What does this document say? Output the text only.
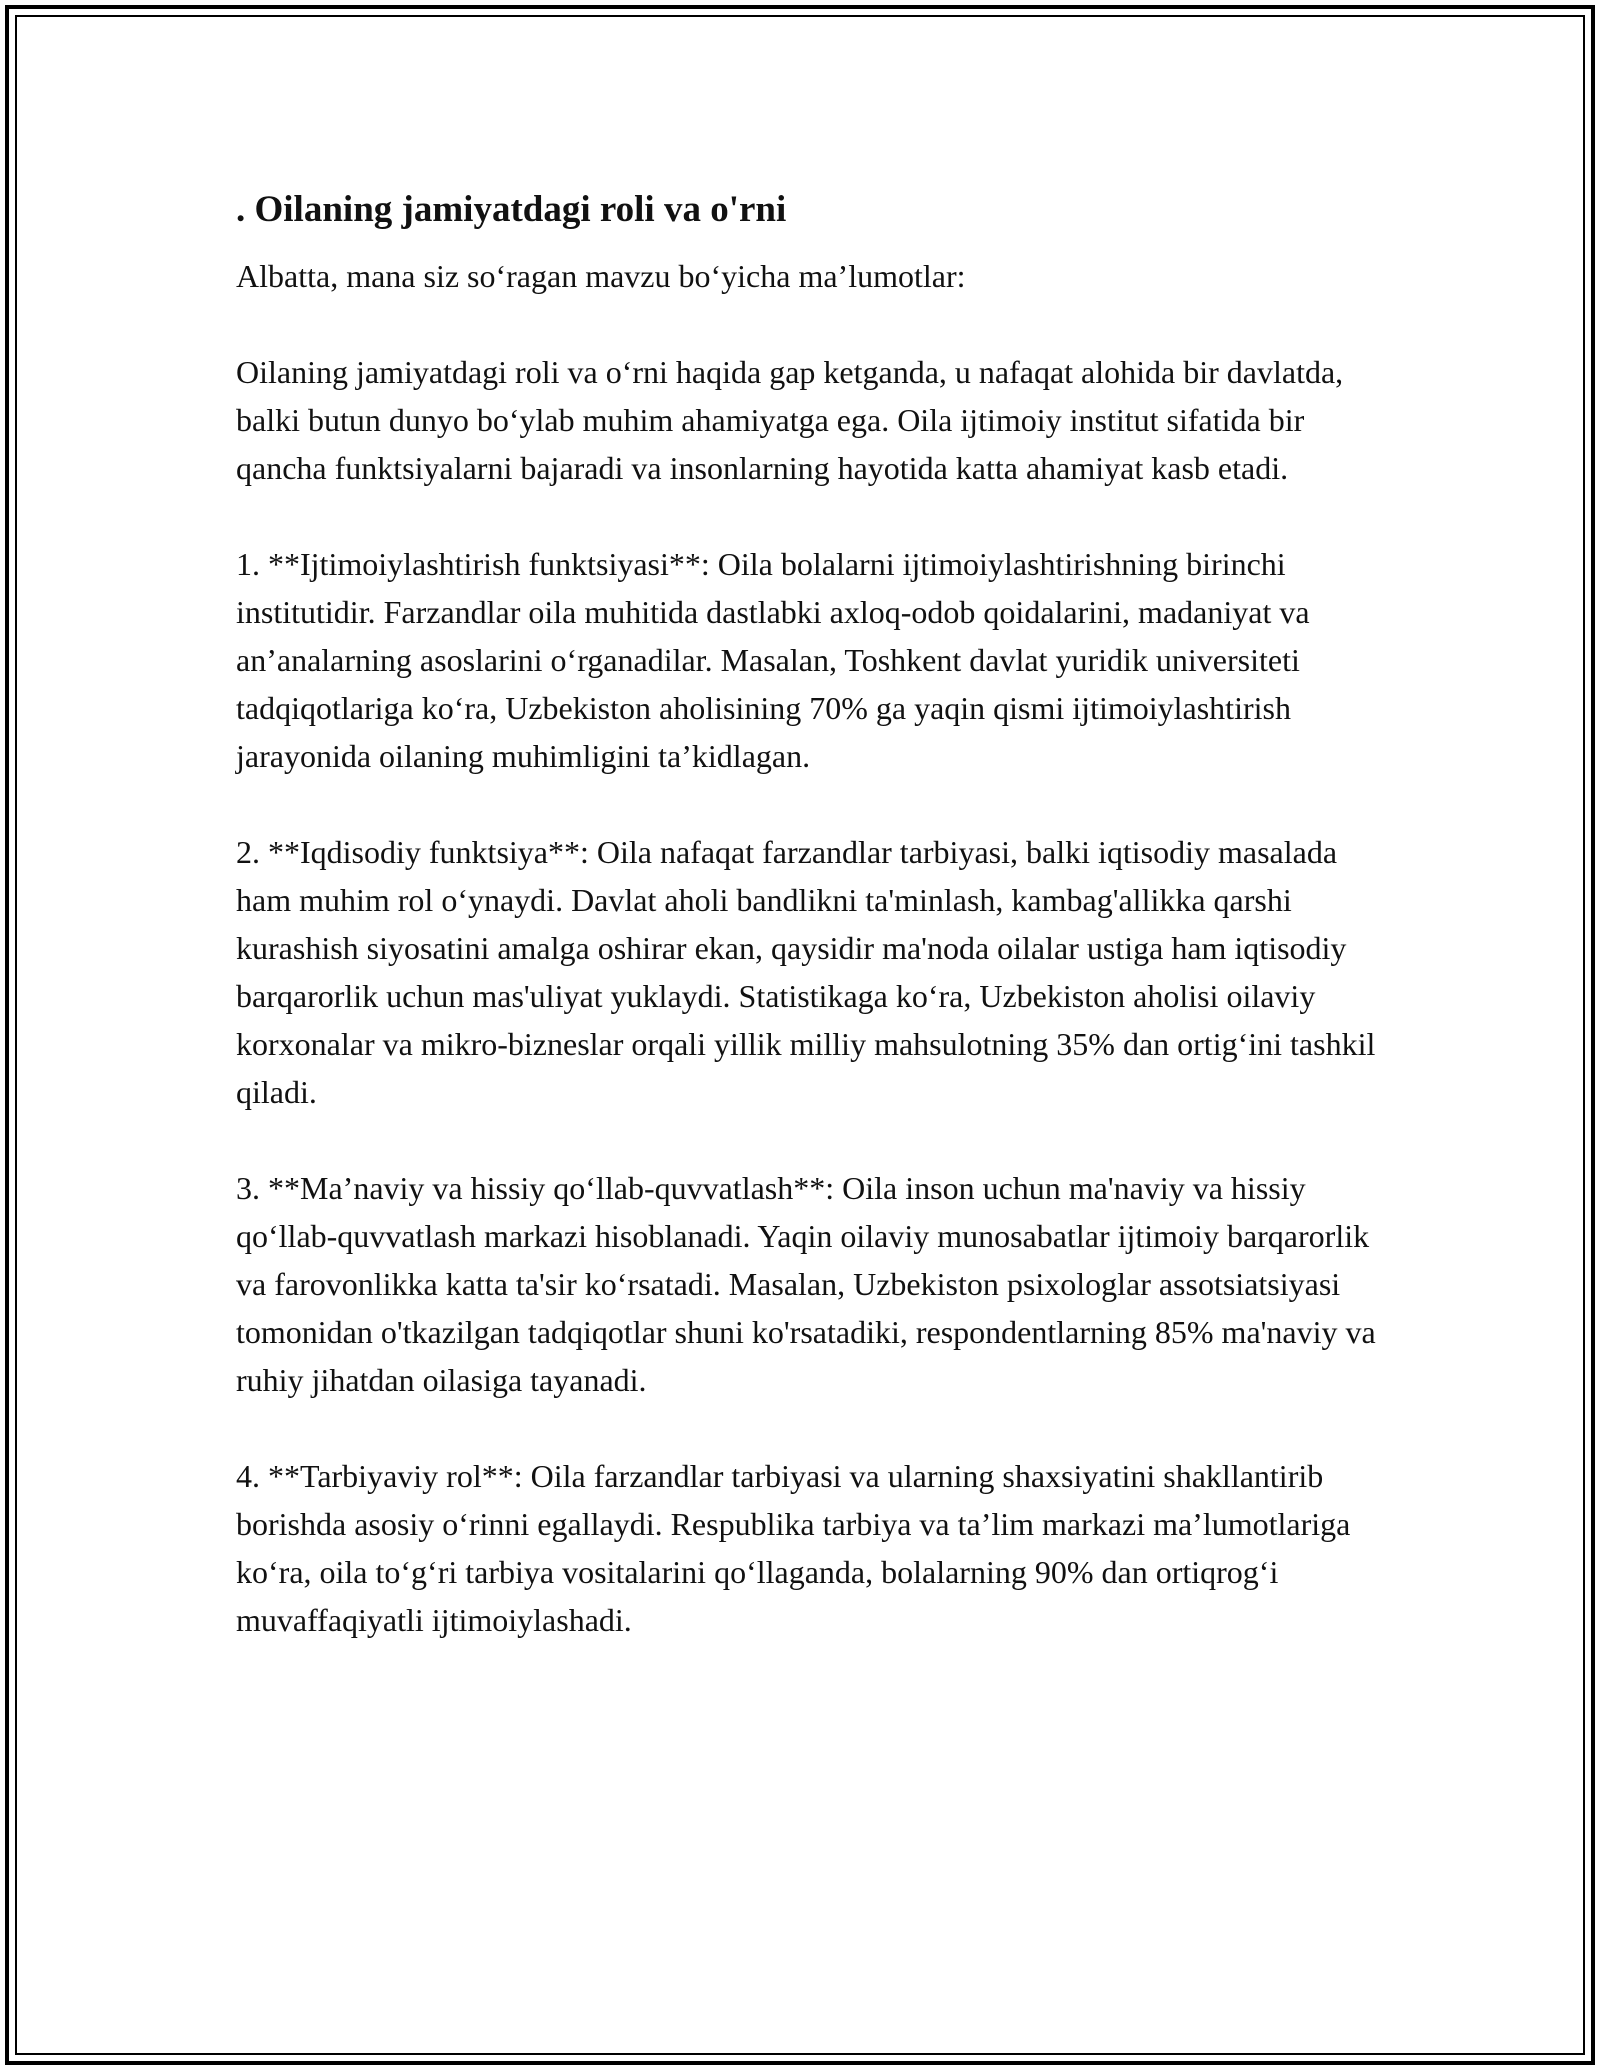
. Oilaning jamiyatdagi roli va o'rni

Albatta, mana siz so‘ragan mavzu bo‘yicha ma’lumotlar:

Oilaning jamiyatdagi roli va o‘rni haqida gap ketganda, u nafaqat alohida bir davlatda, balki butun dunyo bo‘ylab muhim ahamiyatga ega. Oila ijtimoiy institut sifatida bir qancha funktsiyalarni bajaradi va insonlarning hayotida katta ahamiyat kasb etadi.

1. **Ijtimoiylashtirish funktsiyasi**: Oila bolalarni ijtimoiylashtirishning birinchi institutidir. Farzandlar oila muhitida dastlabki axloq-odob qoidalarini, madaniyat va an’analarning asoslarini o‘rganadilar. Masalan, Toshkent davlat yuridik universiteti tadqiqotlariga ko‘ra, Uzbekiston aholisining 70% ga yaqin qismi ijtimoiylashtirish jarayonida oilaning muhimligini ta’kidlagan.

2. **Iqdisodiy funktsiya**: Oila nafaqat farzandlar tarbiyasi, balki iqtisodiy masalada ham muhim rol o‘ynaydi. Davlat aholi bandlikni ta'minlash, kambag'allikka qarshi kurashish siyosatini amalga oshirar ekan, qaysidir ma'noda oilalar ustiga ham iqtisodiy barqarorlik uchun mas'uliyat yuklaydi. Statistikaga ko‘ra, Uzbekiston aholisi oilaviy korxonalar va mikro-bizneslar orqali yillik milliy mahsulotning 35% dan ortig‘ini tashkil qiladi.

3. **Ma’naviy va hissiy qo‘llab-quvvatlash**: Oila inson uchun ma'naviy va hissiy qo‘llab-quvvatlash markazi hisoblanadi. Yaqin oilaviy munosabatlar ijtimoiy barqarorlik va farovonlikka katta ta'sir ko‘rsatadi. Masalan, Uzbekiston psixologlar assotsiatsiyasi tomonidan o'tkazilgan tadqiqotlar shuni ko'rsatadiki, respondentlarning 85% ma'naviy va ruhiy jihatdan oilasiga tayanadi.

4. **Tarbiyaviy rol**: Oila farzandlar tarbiyasi va ularning shaxsiyatini shakllantirib borishda asosiy o‘rinni egallaydi. Respublika tarbiya va ta’lim markazi ma’lumotlariga ko‘ra, oila to‘g‘ri tarbiya vositalarini qo‘llaganda, bolalarning 90% dan ortiqrog‘i muvaffaqiyatli ijtimoiylashadi.
